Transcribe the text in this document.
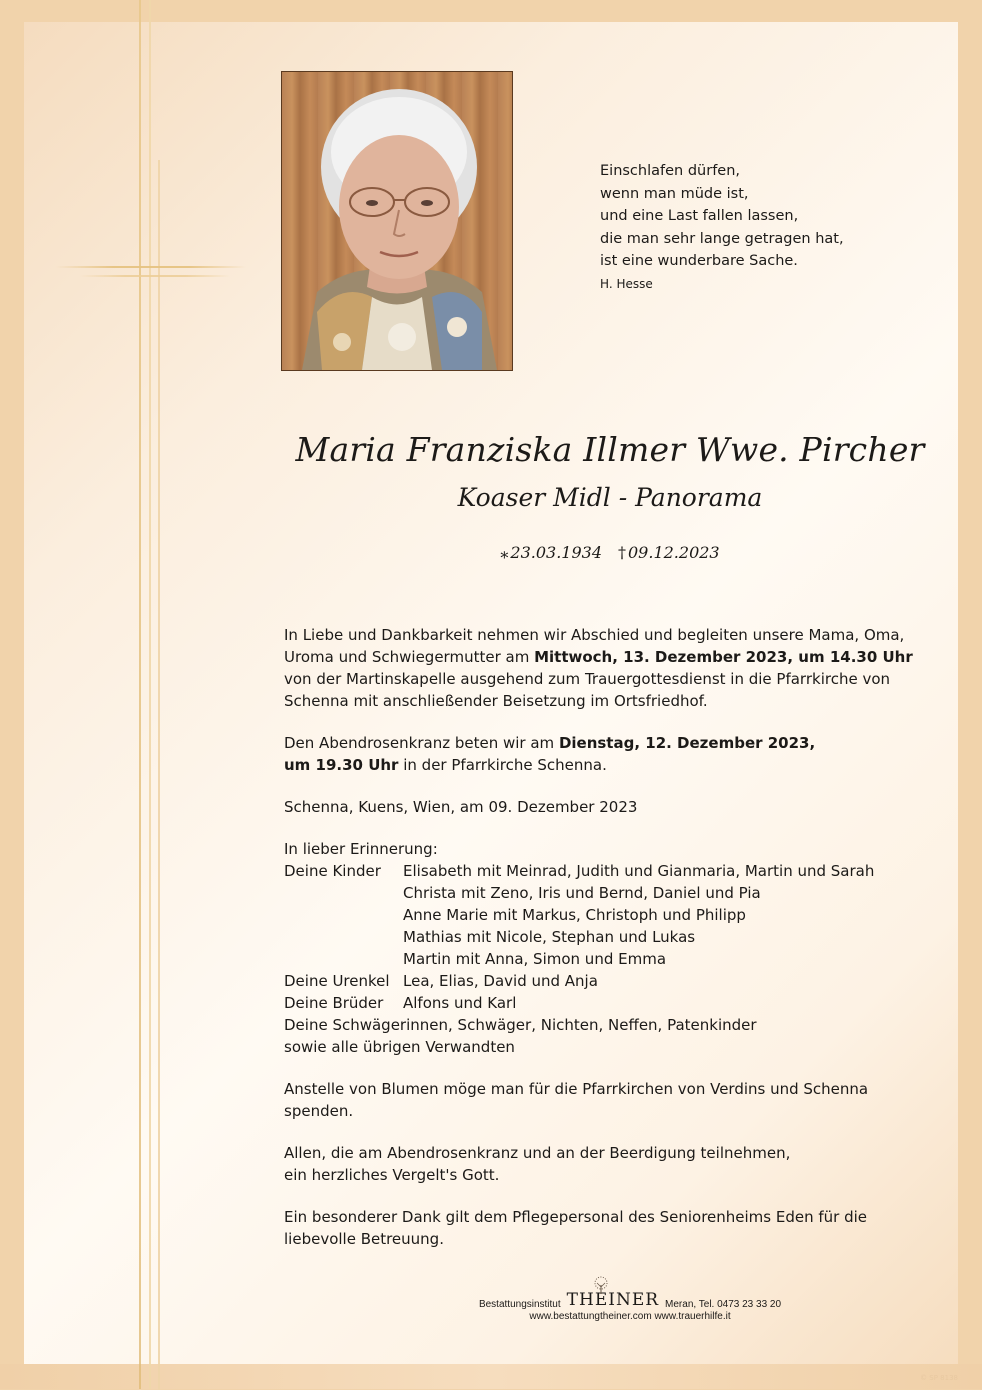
Einschlafen dürfen,
wenn man müde ist,
und eine Last fallen lassen,
die man sehr lange getragen hat,
ist eine wunderbare Sache.
H. Hesse
Maria Franziska Illmer Wwe. Pircher
Koaser Midl - Panorama
⁎ 23.03.1934 † 09.12.2023

In Liebe und Dankbarkeit nehmen wir Abschied und begleiten unsere Mama, Oma, Uroma und Schwiegermutter am Mittwoch, 13. Dezember 2023, um 14.30 Uhr von der Martinskapelle ausgehend zum Trauergottesdienst in die Pfarrkirche von Schenna mit anschließender Beisetzung im Ortsfriedhof.

Den Abendrosenkranz beten wir am Dienstag, 12. Dezember 2023,
um 19.30 Uhr in der Pfarrkirche Schenna.

Schenna, Kuens, Wien, am 09. Dezember 2023

In lieber Erinnerung:
Deine Kinder	Elisabeth mit Meinrad, Judith und Gianmaria, Martin und Sarah
Christa mit Zeno, Iris und Bernd, Daniel und Pia
Anne Marie mit Markus, Christoph und Philipp
Mathias mit Nicole, Stephan und Lukas
Martin mit Anna, Simon und Emma
Deine Urenkel Lea, Elias, David und Anja
Deine Brüder	Alfons und Karl
Deine Schwägerinnen, Schwäger, Nichten, Neffen, Patenkinder
sowie alle übrigen Verwandten

Anstelle von Blumen möge man für die Pfarrkirchen von Verdins und Schenna
spenden.

Allen, die am Abendrosenkranz und an der Beerdigung teilnehmen,
ein herzliches Vergelt's Gott.

Ein besonderer Dank gilt dem Pflegepersonal des Seniorenheims Eden für die
liebevolle Betreuung.

Bestattungsinstitut THEINER Meran, Tel. 0473 23 33 20
www.bestattungtheiner.com www.trauerhilfe.it
© SP 8138
